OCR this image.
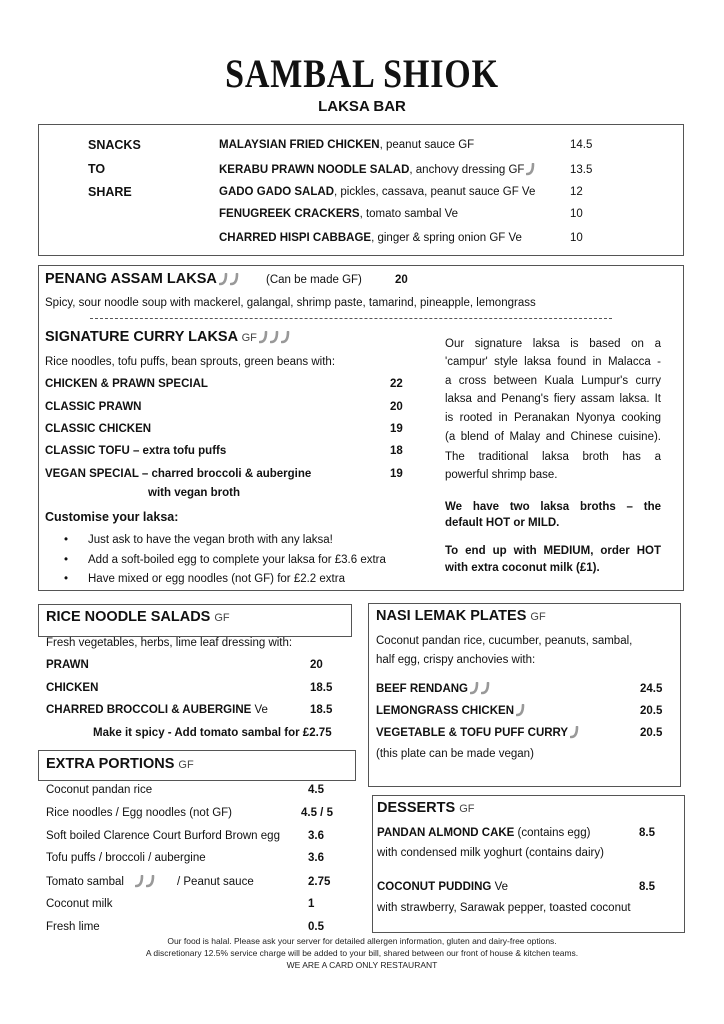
SAMBAL SHIOK
LAKSA BAR
SNACKS
TO
SHARE
MALAYSIAN FRIED CHICKEN, peanut sauce GF	14.5
KERABU PRAWN NOODLE SALAD, anchovy dressing GF	13.5
GADO GADO SALAD, pickles, cassava, peanut sauce GF Ve	12
FENUGREEK CRACKERS, tomato sambal Ve	10
CHARRED HISPI CABBAGE, ginger & spring onion GF Ve	10
PENANG ASSAM LAKSA	(Can be made GF)	20
Spicy, sour noodle soup with mackerel, galangal, shrimp paste, tamarind, pineapple, lemongrass
SIGNATURE CURRY LAKSA GF
Rice noodles, tofu puffs, bean sprouts, green beans with:
CHICKEN & PRAWN SPECIAL	22
CLASSIC PRAWN	20
CLASSIC CHICKEN	19
CLASSIC TOFU – extra tofu puffs	18
VEGAN SPECIAL – charred broccoli & aubergine	19
with vegan broth
Customise your laksa:
• Just ask to have the vegan broth with any laksa!
• Add a soft-boiled egg to complete your laksa for £3.6 extra
• Have mixed or egg noodles (not GF) for £2.2 extra
Our signature laksa is based on a
'campur' style laksa found in Malacca -
a cross between Kuala Lumpur's curry
laksa and Penang's fiery assam laksa. It
is rooted in Peranakan Nyonya cooking
(a blend of Malay and Chinese cuisine).
The traditional laksa broth has a
powerful shrimp base.
We have two laksa broths – the
default HOT or MILD.
To end up with MEDIUM, order HOT
with extra coconut milk (£1).
RICE NOODLE SALADS GF
Fresh vegetables, herbs, lime leaf dressing with:
PRAWN	20
CHICKEN	18.5
CHARRED BROCCOLI & AUBERGINE Ve	18.5
Make it spicy - Add tomato sambal for £2.75
EXTRA PORTIONS GF
Coconut pandan rice	4.5
Rice noodles / Egg noodles (not GF)	4.5 / 5
Soft boiled Clarence Court Burford Brown egg 3.6
Tofu puffs / broccoli / aubergine	3.6
Tomato sambal	/ Peanut sauce	2.75
Coconut milk	1
Fresh lime	0.5
NASI LEMAK PLATES GF
Coconut pandan rice, cucumber, peanuts, sambal,
half egg, crispy anchovies with:
BEEF RENDANG	24.5
LEMONGRASS CHICKEN	20.5
VEGETABLE & TOFU PUFF CURRY	20.5
(this plate can be made vegan)
DESSERTS GF
PANDAN ALMOND CAKE (contains egg)	8.5
with condensed milk yoghurt (contains dairy)
COCONUT PUDDING Ve	8.5
with strawberry, Sarawak pepper, toasted coconut
Our food is halal. Please ask your server for detailed allergen information, gluten and dairy-free options.
A discretionary 12.5% service charge will be added to your bill, shared between our front of house & kitchen teams.
WE ARE A CARD ONLY RESTAURANT
